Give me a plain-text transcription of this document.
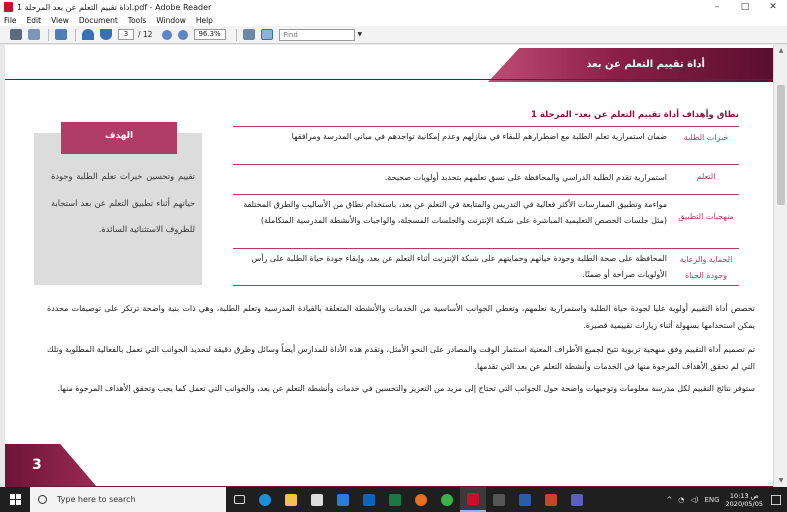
اداة تقييم التعلم عن بعد المرحلة 1.pdf - Adobe Reader	–	□	✕
File Edit View Document Tools Window Help
3	/ 12	96.3%	Find	▼
أداة تقييم التعلم عن بعد
نطاق وأهداف أداة تقييم التعلم عن بعد- المرحلة 1
الهدف
تقييم وتحسين خبرات تعلم الطلبة وجودة حياتهم أثناء تطبيق التعلم عن بعد استجابة للظروف الاستثنائية السائدة.
خبرات الطلبة
ضمان استمرارية تعلم الطلبة مع اضطرارهم للبقاء في منازلهم وعدم إمكانية تواجدهم في مباني المدرسة ومرافقها
التعلم
استمرارية تقدم الطلبة الدراسي والمحافظة على نسق تعلمهم بتحديد أولويات صحيحة.
منهجيات التطبيق
مواءمة وتطبيق الممارسات الأكثر فعالية في التدريس والمتابعة في التعلم عن بعد، باستخدام نطاق من الأساليب والطرق المختلفة (مثل جلسات الحصص التعليمية المباشرة على شبكة الإنترنت والجلسات المسجلة، والواجبات والأنشطة المدرسية المتكاملة)
الحماية والرعاية وجودة الحياة
المحافظة على صحة الطلبة وجودة حياتهم وحمايتهم على شبكة الإنترنت أثناء التعلم عن بعد، وإبقاء جودة حياة الطلبة على رأس الأولويات صراحة أو ضمنًا.
تخصص أداة التقييم أولوية عليا لجودة حياة الطلبة واستمرارية تعلمهم، وتغطي الجوانب الأساسية من الخدمات والأنشطة المتعلقة بالقيادة المدرسية وتعلم الطلبة، وهي ذات بنية واضحة ترتكز على توصيفات محددة يمكن استخدامها بسهولة أثناء زيارات تقييمية قصيرة.
تم تصميم أداة التقييم وفق منهجية تربوية تتيح لجميع الأطراف المعنية استثمار الوقت والمصادر على النحو الأمثل، وتقدم هذه الأداة للمدارس أيضاً وسائل وطرق دقيقة لتحديد الجوانب التي تعمل بالفعالية المطلوبة وتلك التي لم تحقق الأهداف المرجوة منها في الخدمات وأنشطة التعلم عن بعد التي تقدمها.
ستوفر نتائج التقييم لكل مدرسة معلومات وتوجيهات واضحة حول الجوانب التي تحتاج إلى مزيد من التعزيز والتحسين في خدمات وأنشطة التعلم عن بعد، والجوانب التي تعمل كما يجب وتحقق الأهداف المرجوة منها.
3
▲
▼
Type here to search	^ ◔ ◁) ENG	10:13 ص
2020/05/05
